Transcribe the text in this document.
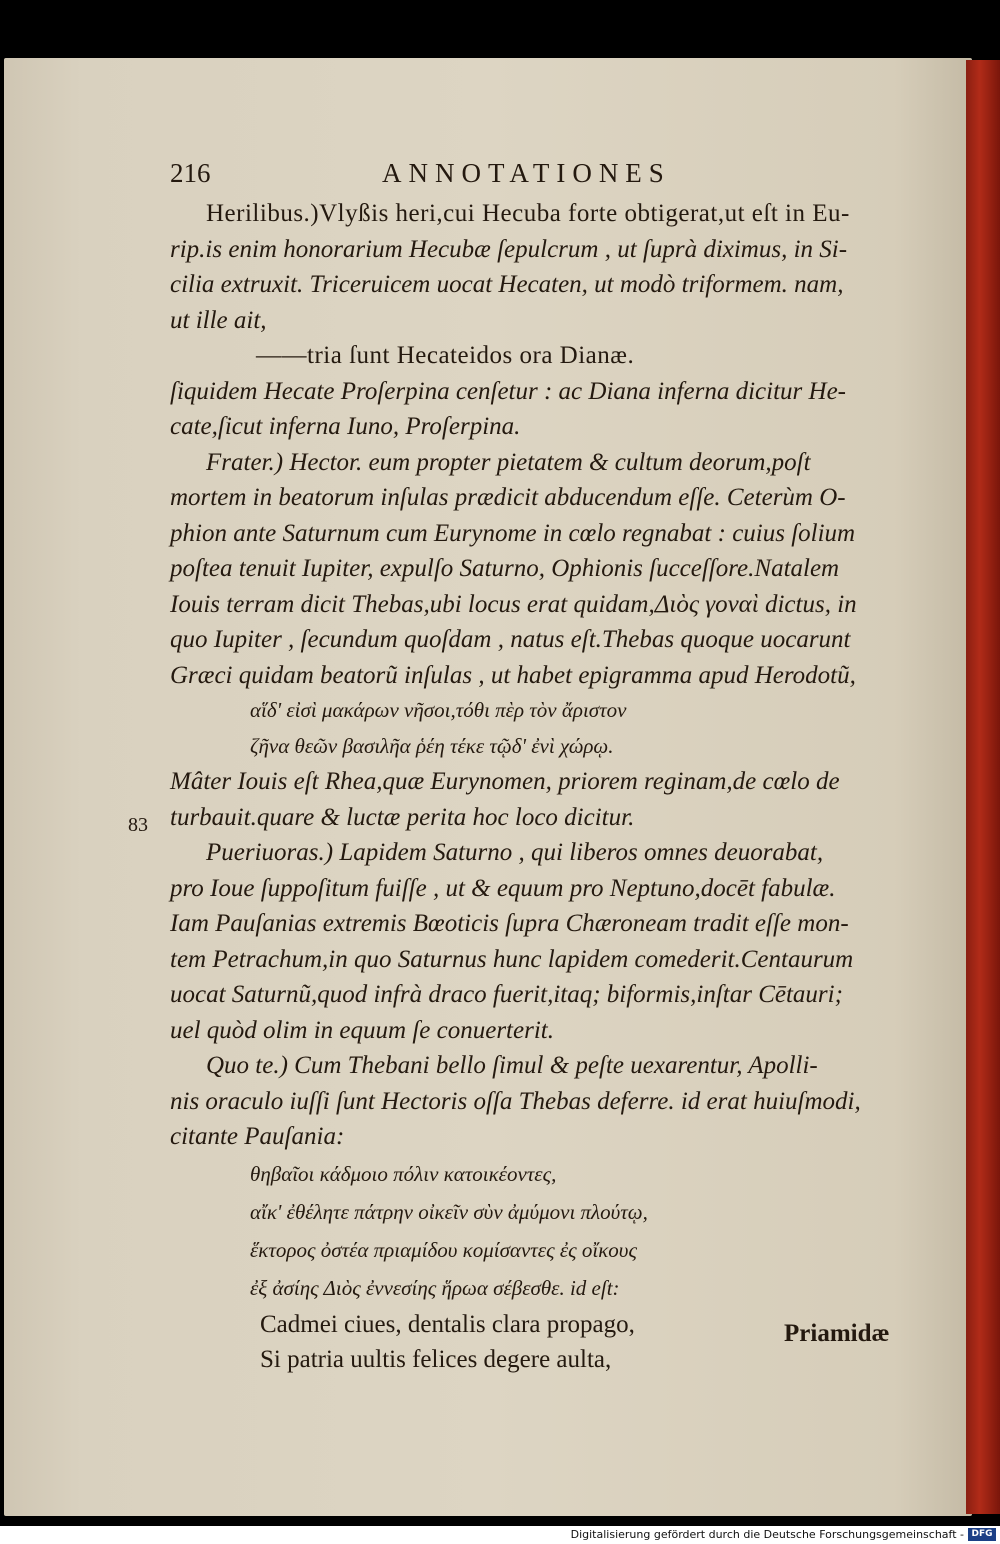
216	ANNOTATIONES
Herilibus.)Vlyßis heri,cui Hecuba forte obtigerat,ut eſt in Eu-
rip.is enim honorarium Hecubæ ſepulcrum , ut ſuprà diximus, in Si-
cilia extruxit. Triceruicem uocat Hecaten, ut modò triformem. nam,
ut ille ait,
——tria ſunt Hecateidos ora Dianæ.
ſiquidem Hecate Proſerpina cenſetur : ac Diana inferna dicitur He-
cate,ſicut inferna Iuno, Proſerpina.
Frater.) Hector. eum propter pietatem & cultum deorum,poſt
mortem in beatorum inſulas prædicit abducendum eſſe. Ceterùm O-
phion ante Saturnum cum Eurynome in cœlo regnabat : cuius ſolium
poſtea tenuit Iupiter, expulſo Saturno, Ophionis ſucceſſore.Natalem
Iouis terram dicit Thebas,ubi locus erat quidam,Διὸς γοναὶ dictus, in
quo Iupiter , ſecundum quoſdam , natus eſt.Thebas quoque uocarunt
Græci quidam beatorũ inſulas , ut habet epigramma apud Herodotũ,
αἵδ' εἰσὶ μακάρων νῆσοι,τόθι πὲρ τὸν ἄριστον
ζῆνα θεῶν βασιλῆα ῥέη τέκε τῷδ' ἐνὶ χώρῳ.
Mâter Iouis eſt Rhea,quæ Eurynomen, priorem reginam,de cœlo de
turbauit.quare & luctæ perita hoc loco dicitur.
Pueriuoras.) Lapidem Saturno , qui liberos omnes deuorabat,
pro Ioue ſuppoſitum fuiſſe , ut & equum pro Neptuno,docēt fabulæ.
Iam Pauſanias extremis Bœoticis ſupra Chæroneam tradit eſſe mon-
tem Petrachum,in quo Saturnus hunc lapidem comederit.Centaurum
uocat Saturnũ,quod infrà draco fuerit,itaq; biformis,inſtar Cētauri;
uel quòd olim in equum ſe conuerterit.
Quo te.) Cum Thebani bello ſimul & peſte uexarentur, Apolli-
nis oraculo iuſſi ſunt Hectoris oſſa Thebas deferre. id erat huiuſmodi,
citante Pauſania:
θηβαῖοι κάδμοιο πόλιν κατοικέοντες,
αἴκ' ἐθέλητε πάτρην οἰκεῖν σὺν ἀμύμονι πλούτῳ,
ἕκτορος ὀστέα πριαμίδου κομίσαντες ἐς οἴκους
ἐξ ἀσίης Διὸς ἐννεσίης ἥρωα σέβεσθε. id eſt:
Cadmei ciues, dentalis clara propago,
Si patria uultis felices degere aulta,
83
Priamidæ
Digitalisierung gefördert durch die Deutsche Forschungsgemeinschaft - DFG
